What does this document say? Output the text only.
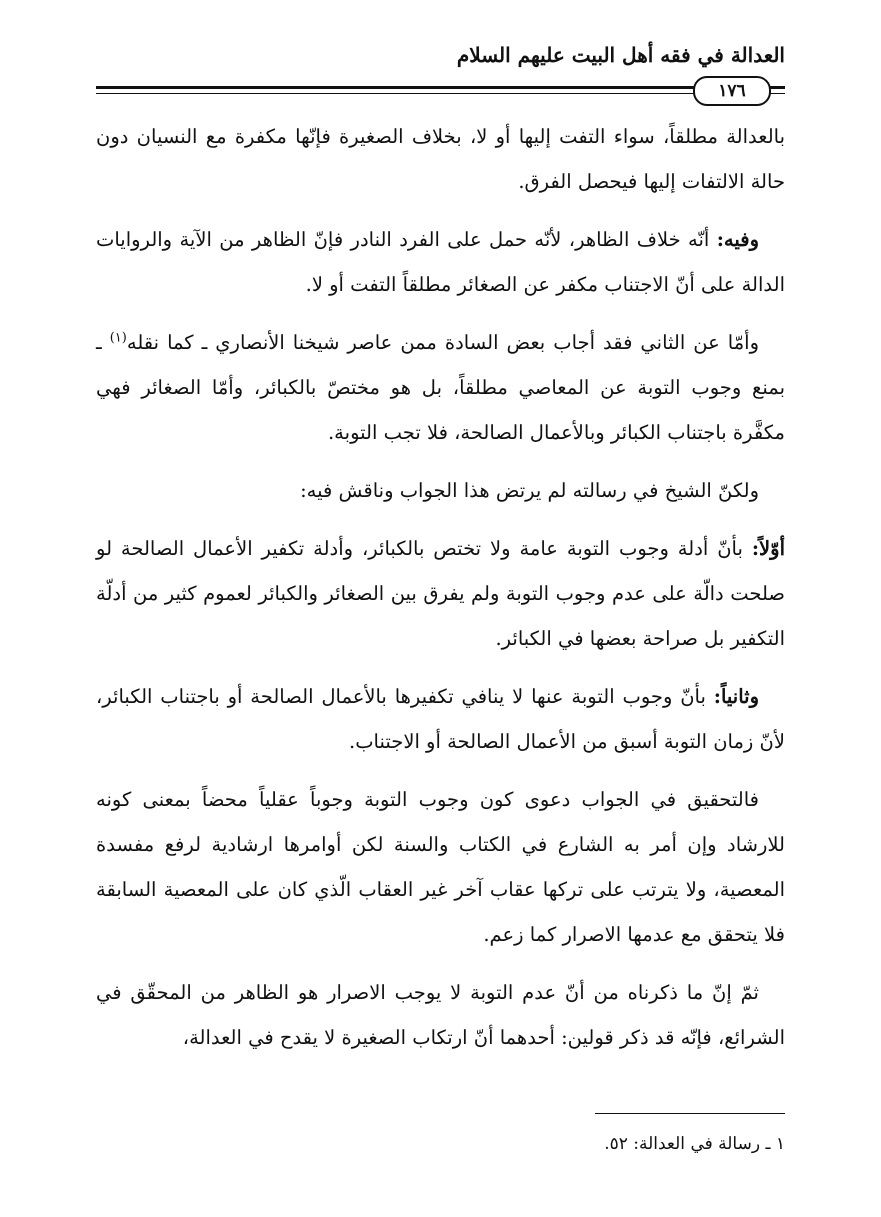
العدالة في فقه أهل البيت عليهم السلام
١٧٦

بالعدالة مطلقاً، سواء التفت إليها أو لا، بخلاف الصغيرة فإنّها مكفرة مع النسيان دون حالة الالتفات إليها فيحصل الفرق.

وفيه: أنّه خلاف الظاهر، لأنّه حمل على الفرد النادر فإنّ الظاهر من الآية والروايات الدالة على أنّ الاجتناب مكفر عن الصغائر مطلقاً التفت أو لا.

وأمّا عن الثاني فقد أجاب بعض السادة ممن عاصر شيخنا الأنصاري ـ كما نقله$^{(١)}$ ـ بمنع وجوب التوبة عن المعاصي مطلقاً، بل هو مختصّ بالكبائر، وأمّا الصغائر فهي مكفَّرة باجتناب الكبائر وبالأعمال الصالحة، فلا تجب التوبة.

ولكنّ الشيخ في رسالته لم يرتض هذا الجواب وناقش فيه:

أوّلاً: بأنّ أدلة وجوب التوبة عامة ولا تختص بالكبائر، وأدلة تكفير الأعمال الصالحة لو صلحت دالّة على عدم وجوب التوبة ولم يفرق بين الصغائر والكبائر لعموم كثير من أدلّة التكفير بل صراحة بعضها في الكبائر.

وثانياً: بأنّ وجوب التوبة عنها لا ينافي تكفيرها بالأعمال الصالحة أو باجتناب الكبائر، لأنّ زمان التوبة أسبق من الأعمال الصالحة أو الاجتناب.

فالتحقيق في الجواب دعوى كون وجوب التوبة وجوباً عقلياً محضاً بمعنى كونه للارشاد وإن أمر به الشارع في الكتاب والسنة لكن أوامرها ارشادية لرفع مفسدة المعصية، ولا يترتب على تركها عقاب آخر غير العقاب الّذي كان على المعصية السابقة فلا يتحقق مع عدمها الاصرار كما زعم.

ثمّ إنّ ما ذكرناه من أنّ عدم التوبة لا يوجب الاصرار هو الظاهر من المحقّق في الشرائع، فإنّه قد ذكر قولين: أحدهما أنّ ارتكاب الصغيرة لا يقدح في العدالة،

١ ـ رسالة في العدالة: ٥٢.
